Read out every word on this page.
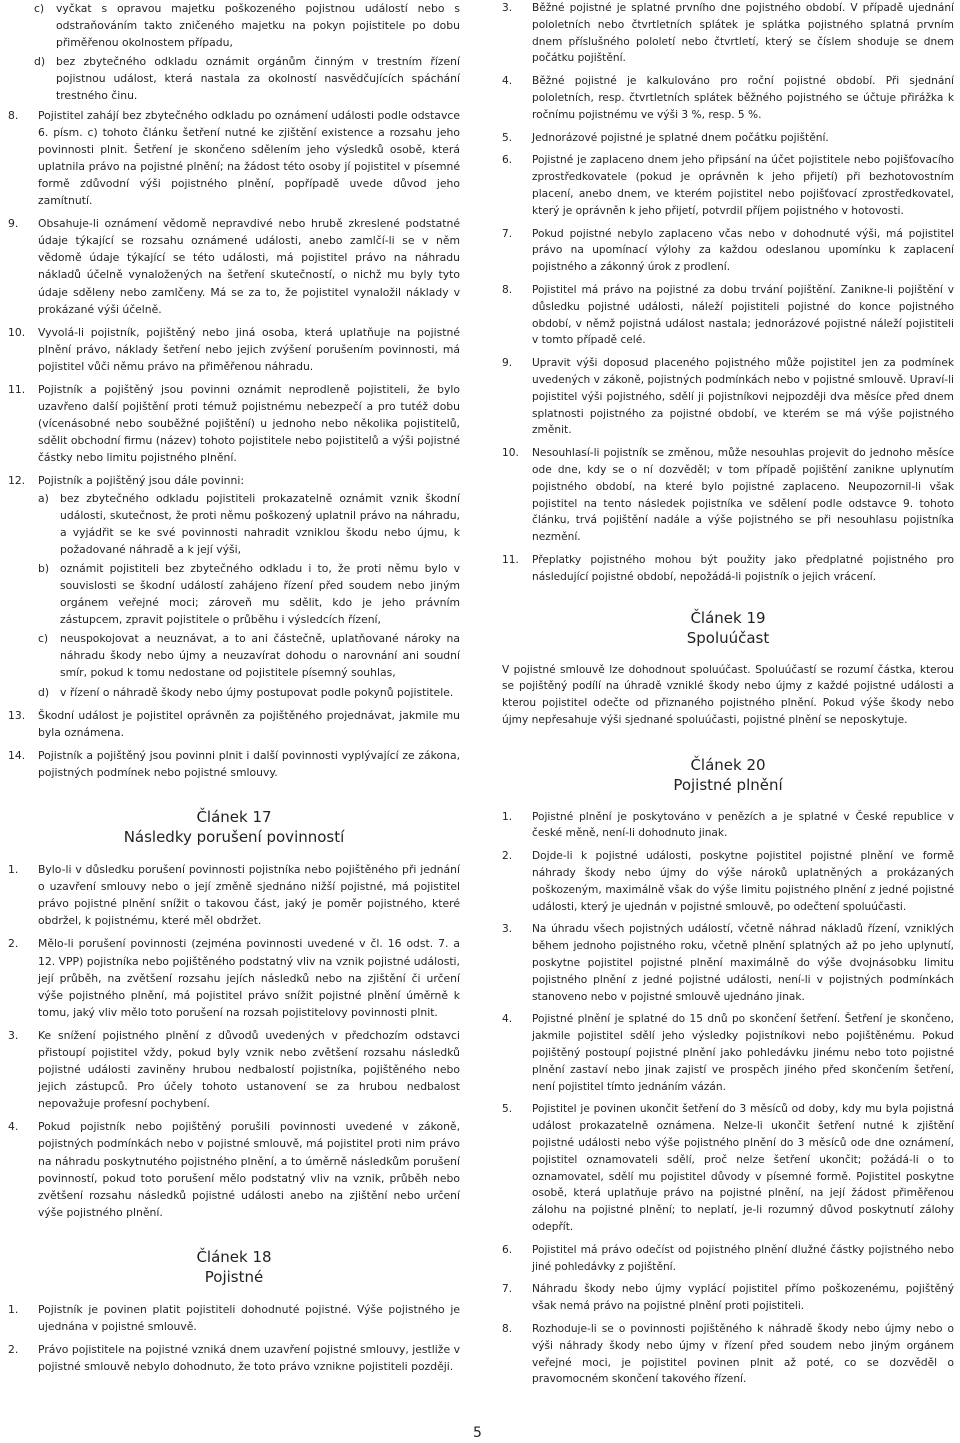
c) vyčkat s opravou majetku poškozeného pojistnou událostí nebo s odstraňováním takto zničeného majetku na pokyn pojistitele po dobu přiměřenou okolnostem případu,
d) bez zbytečného odkladu oznámit orgánům činným v trestním řízení pojistnou událost, která nastala za okolností nasvědčujících spáchání trestného činu.
8. Pojistitel zahájí bez zbytečného odkladu po oznámení události podle odstavce 6. písm. c) tohoto článku šetření nutné ke zjištění existence a rozsahu jeho povinnosti plnit. Šetření je skončeno sdělením jeho výsledků osobě, která uplatnila právo na pojistné plnění; na žádost této osoby jí pojistitel v písemné formě zdůvodní výši pojistného plnění, popřípadě uvede důvod jeho zamítnutí.
9. Obsahuje-li oznámení vědomě nepravdivé nebo hrubě zkreslené podstatné údaje týkající se rozsahu oznámené události, anebo zamlčí-li se v něm vědomě údaje týkající se této události, má pojistitel právo na náhradu nákladů účelně vynaložených na šetření skutečností, o nichž mu byly tyto údaje sděleny nebo zamlčeny. Má se za to, že pojistitel vynaložil náklady v prokázané výši účelně.
10. Vyvolá-li pojistník, pojištěný nebo jiná osoba, která uplatňuje na pojistné plnění právo, náklady šetření nebo jejich zvýšení porušením povinnosti, má pojistitel vůči němu právo na přiměřenou náhradu.
11. Pojistník a pojištěný jsou povinni oznámit neprodleně pojistiteli, že bylo uzavřeno další pojištění proti témuž pojistnému nebezpečí a pro tutéž dobu (vícenásobné nebo souběžné pojištění) u jednoho nebo několika pojistitelů, sdělit obchodní firmu (název) tohoto pojistitele nebo pojistitelů a výši pojistné částky nebo limitu pojistného plnění.
12. Pojistník a pojištěný jsou dále povinni:
a) bez zbytečného odkladu pojistiteli prokazatelně oznámit vznik škodní události, skutečnost, že proti němu poškozený uplatnil právo na náhradu, a vyjádřit se ke své povinnosti nahradit vzniklou škodu nebo újmu, k požadované náhradě a k její výši,
b) oznámit pojistiteli bez zbytečného odkladu i to, že proti němu bylo v souvislosti se škodní událostí zahájeno řízení před soudem nebo jiným orgánem veřejné moci; zároveň mu sdělit, kdo je jeho právním zástupcem, zpravit pojistitele o průběhu i výsledcích řízení,
c) neuspokojovat a neuznávat, a to ani částečně, uplatňované nároky na náhradu škody nebo újmy a neuzavírat dohodu o narovnání ani soudní smír, pokud k tomu nedostane od pojistitele písemný souhlas,
d) v řízení o náhradě škody nebo újmy postupovat podle pokynů pojistitele.
13. Škodní událost je pojistitel oprávněn za pojištěného projednávat, jakmile mu byla oznámena.
14. Pojistník a pojištěný jsou povinni plnit i další povinnosti vyplývající ze zákona, pojistných podmínek nebo pojistné smlouvy.
Článek 17
Následky porušení povinností
1. Bylo-li v důsledku porušení povinnosti pojistníka nebo pojištěného při jednání o uzavření smlouvy nebo o její změně sjednáno nižší pojistné, má pojistitel právo pojistné plnění snížit o takovou část, jaký je poměr pojistného, které obdržel, k pojistnému, které měl obdržet.
2. Mělo-li porušení povinnosti (zejména povinnosti uvedené v čl. 16 odst. 7. a 12. VPP) pojistníka nebo pojištěného podstatný vliv na vznik pojistné události, její průběh, na zvětšení rozsahu jejích následků nebo na zjištění či určení výše pojistného plnění, má pojistitel právo snížit pojistné plnění úměrně k tomu, jaký vliv mělo toto porušení na rozsah pojistitelovy povinnosti plnit.
3. Ke snížení pojistného plnění z důvodů uvedených v předchozím odstavci přistoupí pojistitel vždy, pokud byly vznik nebo zvětšení rozsahu následků pojistné události zaviněny hrubou nedbalostí pojistníka, pojištěného nebo jejich zástupců. Pro účely tohoto ustanovení se za hrubou nedbalost nepovažuje profesní pochybení.
4. Pokud pojistník nebo pojištěný porušili povinnosti uvedené v zákoně, pojistných podmínkách nebo v pojistné smlouvě, má pojistitel proti nim právo na náhradu poskytnutého pojistného plnění, a to úměrně následkům porušení povinností, pokud toto porušení mělo podstatný vliv na vznik, průběh nebo zvětšení rozsahu následků pojistné události anebo na zjištění nebo určení výše pojistného plnění.
Článek 18
Pojistné
1. Pojistník je povinen platit pojistiteli dohodnuté pojistné. Výše pojistného je ujednána v pojistné smlouvě.
2. Právo pojistitele na pojistné vzniká dnem uzavření pojistné smlouvy, jestliže v pojistné smlouvě nebylo dohodnuto, že toto právo vznikne pojistiteli později.
3. Běžné pojistné je splatné prvního dne pojistného období. V případě ujednání pololetních nebo čtvrtletních splátek je splátka pojistného splatná prvním dnem příslušného pololetí nebo čtvrtletí, který se číslem shoduje se dnem počátku pojištění.
4. Běžné pojistné je kalkulováno pro roční pojistné období. Při sjednání pololetních, resp. čtvrtletních splátek běžného pojistného se účtuje přirážka k ročnímu pojistnému ve výši 3 %, resp. 5 %.
5. Jednorázové pojistné je splatné dnem počátku pojištění.
6. Pojistné je zaplaceno dnem jeho připsání na účet pojistitele nebo pojišťovacího zprostředkovatele (pokud je oprávněn k jeho přijetí) při bezhotovostním placení, anebo dnem, ve kterém pojistitel nebo pojišťovací zprostředkovatel, který je oprávněn k jeho přijetí, potvrdil příjem pojistného v hotovosti.
7. Pokud pojistné nebylo zaplaceno včas nebo v dohodnuté výši, má pojistitel právo na upomínací výlohy za každou odeslanou upomínku k zaplacení pojistného a zákonný úrok z prodlení.
8. Pojistitel má právo na pojistné za dobu trvání pojištění. Zanikne-li pojištění v důsledku pojistné události, náleží pojistiteli pojistné do konce pojistného období, v němž pojistná událost nastala; jednorázové pojistné náleží pojistiteli v tomto případě celé.
9. Upravit výši doposud placeného pojistného může pojistitel jen za podmínek uvedených v zákoně, pojistných podmínkách nebo v pojistné smlouvě. Upraví-li pojistitel výši pojistného, sdělí ji pojistníkovi nejpozději dva měsíce před dnem splatnosti pojistného za pojistné období, ve kterém se má výše pojistného změnit.
10. Nesouhlasí-li pojistník se změnou, může nesouhlas projevit do jednoho měsíce ode dne, kdy se o ní dozvěděl; v tom případě pojištění zanikne uplynutím pojistného období, na které bylo pojistné zaplaceno. Neupozornil-li však pojistitel na tento následek pojistníka ve sdělení podle odstavce 9. tohoto článku, trvá pojištění nadále a výše pojistného se při nesouhlasu pojistníka nezmění.
11. Přeplatky pojistného mohou být použity jako předplatné pojistného pro následující pojistné období, nepožádá-li pojistník o jejich vrácení.
Článek 19
Spoluúčast

V pojistné smlouvě lze dohodnout spoluúčast. Spoluúčastí se rozumí částka, kterou se pojištěný podílí na úhradě vzniklé škody nebo újmy z každé pojistné události a kterou pojistitel odečte od přiznaného pojistného plnění. Pokud výše škody nebo újmy nepřesahuje výši sjednané spoluúčasti, pojistné plnění se neposkytuje.

Článek 20
Pojistné plnění
1. Pojistné plnění je poskytováno v penězích a je splatné v České republice v české měně, není-li dohodnuto jinak.
2. Dojde-li k pojistné události, poskytne pojistitel pojistné plnění ve formě náhrady škody nebo újmy do výše nároků uplatněných a prokázaných poškozeným, maximálně však do výše limitu pojistného plnění z jedné pojistné události, který je ujednán v pojistné smlouvě, po odečtení spoluúčasti.
3. Na úhradu všech pojistných událostí, včetně náhrad nákladů řízení, vzniklých během jednoho pojistného roku, včetně plnění splatných až po jeho uplynutí, poskytne pojistitel pojistné plnění maximálně do výše dvojnásobku limitu pojistného plnění z jedné pojistné události, není-li v pojistných podmínkách stanoveno nebo v pojistné smlouvě ujednáno jinak.
4. Pojistné plnění je splatné do 15 dnů po skončení šetření. Šetření je skončeno, jakmile pojistitel sdělí jeho výsledky pojistníkovi nebo pojištěnému. Pokud pojištěný postoupí pojistné plnění jako pohledávku jinému nebo toto pojistné plnění zastaví nebo jinak zajistí ve prospěch jiného před skončením šetření, není pojistitel tímto jednáním vázán.
5. Pojistitel je povinen ukončit šetření do 3 měsíců od doby, kdy mu byla pojistná událost prokazatelně oznámena. Nelze-li ukončit šetření nutné k zjištění pojistné události nebo výše pojistného plnění do 3 měsíců ode dne oznámení, pojistitel oznamovateli sdělí, proč nelze šetření ukončit; požádá-li o to oznamovatel, sdělí mu pojistitel důvody v písemné formě. Pojistitel poskytne osobě, která uplatňuje právo na pojistné plnění, na její žádost přiměřenou zálohu na pojistné plnění; to neplatí, je-li rozumný důvod poskytnutí zálohy odepřít.
6. Pojistitel má právo odečíst od pojistného plnění dlužné částky pojistného nebo jiné pohledávky z pojištění.
7. Náhradu škody nebo újmy vyplácí pojistitel přímo poškozenému, pojištěný však nemá právo na pojistné plnění proti pojistiteli.
8. Rozhoduje-li se o povinnosti pojištěného k náhradě škody nebo újmy nebo o výši náhrady škody nebo újmy v řízení před soudem nebo jiným orgánem veřejné moci, je pojistitel povinen plnit až poté, co se dozvěděl o pravomocném skončení takového řízení.
5
